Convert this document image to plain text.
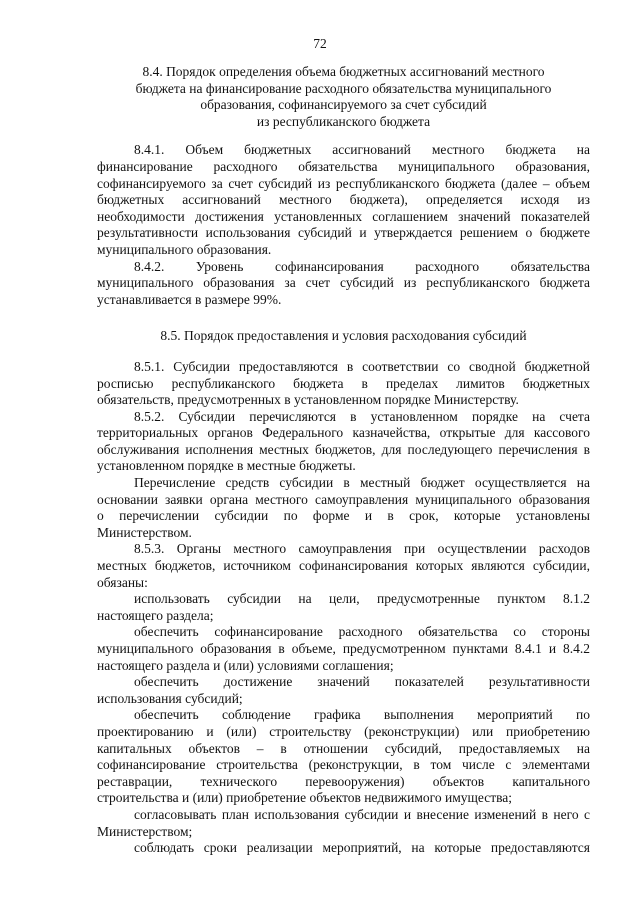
72
8.4. Порядок определения объема бюджетных ассигнований местного
бюджета на финансирование расходного обязательства муниципального
образования, софинансируемого за счет субсидий
из республиканского бюджета
8.4.1. Объем бюджетных ассигнований местного бюджета на
финансирование расходного обязательства муниципального образования,
софинансируемого за счет субсидий из республиканского бюджета (далее – объем
бюджетных ассигнований местного бюджета), определяется исходя из
необходимости достижения установленных соглашением значений показателей
результативности использования субсидий и утверждается решением о бюджете
муниципального образования.
8.4.2. Уровень софинансирования расходного обязательства
муниципального образования за счет субсидий из республиканского бюджета
устанавливается в размере 99%.
8.5. Порядок предоставления и условия расходования субсидий
8.5.1. Субсидии предоставляются в соответствии со сводной бюджетной
росписью республиканского бюджета в пределах лимитов бюджетных
обязательств, предусмотренных в установленном порядке Министерству.
8.5.2. Субсидии перечисляются в установленном порядке на счета
территориальных органов Федерального казначейства, открытые для кассового
обслуживания исполнения местных бюджетов, для последующего перечисления в
установленном порядке в местные бюджеты.
Перечисление средств субсидии в местный бюджет осуществляется на
основании заявки органа местного самоуправления муниципального образования
о перечислении субсидии по форме и в срок, которые установлены
Министерством.
8.5.3. Органы местного самоуправления при осуществлении расходов
местных бюджетов, источником софинансирования которых являются субсидии,
обязаны:
использовать субсидии на цели, предусмотренные пунктом 8.1.2
настоящего раздела;
обеспечить софинансирование расходного обязательства со стороны
муниципального образования в объеме, предусмотренном пунктами 8.4.1 и 8.4.2
настоящего раздела и (или) условиями соглашения;
обеспечить достижение значений показателей результативности
использования субсидий;
обеспечить соблюдение графика выполнения мероприятий по
проектированию и (или) строительству (реконструкции) или приобретению
капитальных объектов – в отношении субсидий, предоставляемых на
софинансирование строительства (реконструкции, в том числе с элементами
реставрации, технического перевооружения) объектов капитального
строительства и (или) приобретение объектов недвижимого имущества;
согласовывать план использования субсидии и внесение изменений в него с
Министерством;
соблюдать сроки реализации мероприятий, на которые предоставляются
